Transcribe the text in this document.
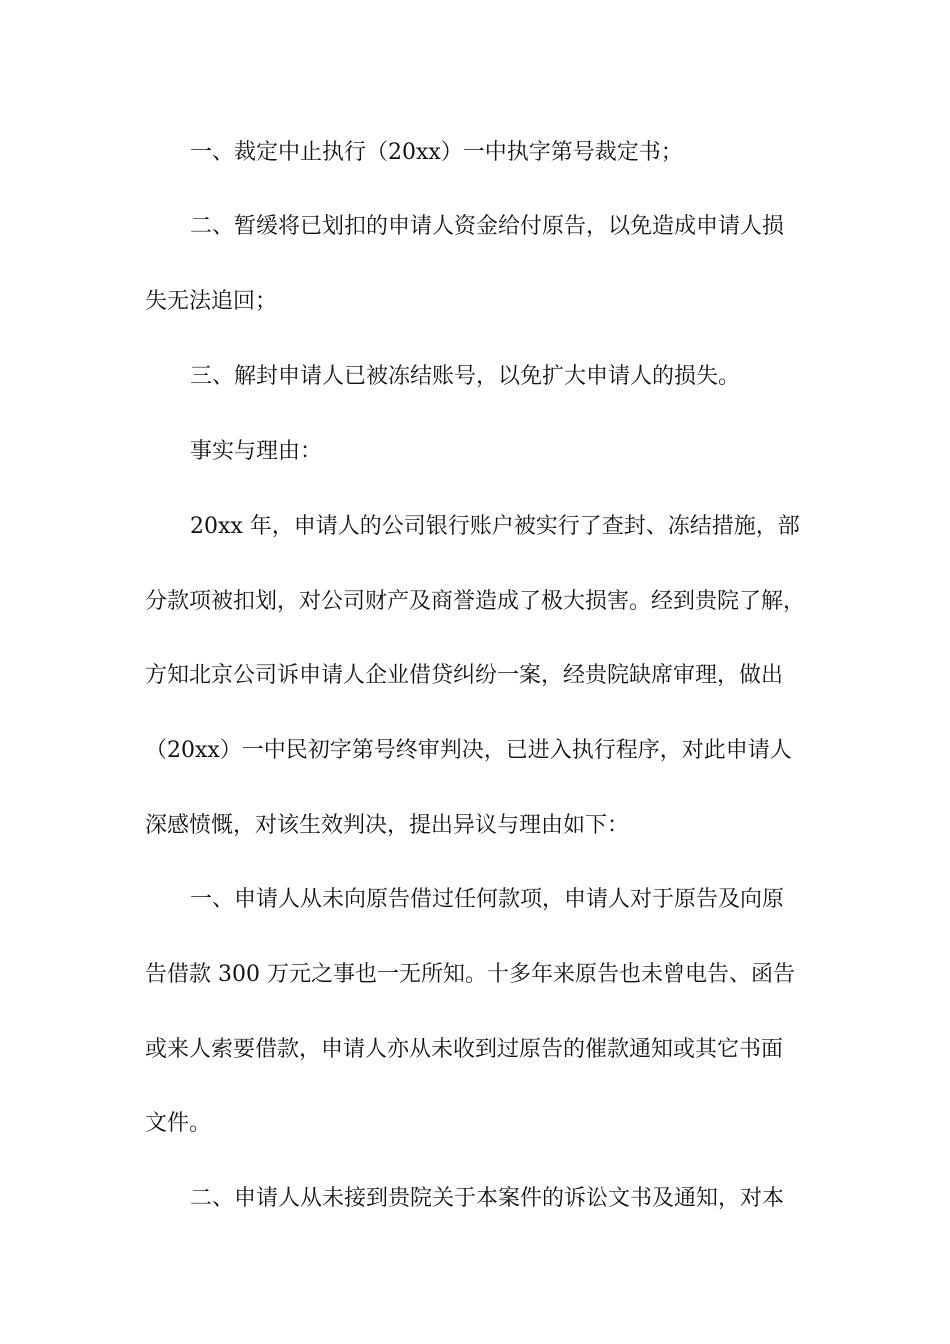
一、裁定中止执行（20xx）一中执字第号裁定书；
二、暂缓将已划扣的申请人资金给付原告，以免造成申请人损
失无法追回；
三、解封申请人已被冻结账号，以免扩大申请人的损失。
事实与理由：
20xx 年，申请人的公司银行账户被实行了查封、冻结措施，部
分款项被扣划，对公司财产及商誉造成了极大损害。经到贵院了解，
方知北京公司诉申请人企业借贷纠纷一案，经贵院缺席审理，做出
（20xx）一中民初字第号终审判决，已进入执行程序，对此申请人
深感愤慨，对该生效判决，提出异议与理由如下：
一、申请人从未向原告借过任何款项，申请人对于原告及向原
告借款 300 万元之事也一无所知。十多年来原告也未曾电告、函告
或来人索要借款，申请人亦从未收到过原告的催款通知或其它书面
文件。
二、申请人从未接到贵院关于本案件的诉讼文书及通知，对本
